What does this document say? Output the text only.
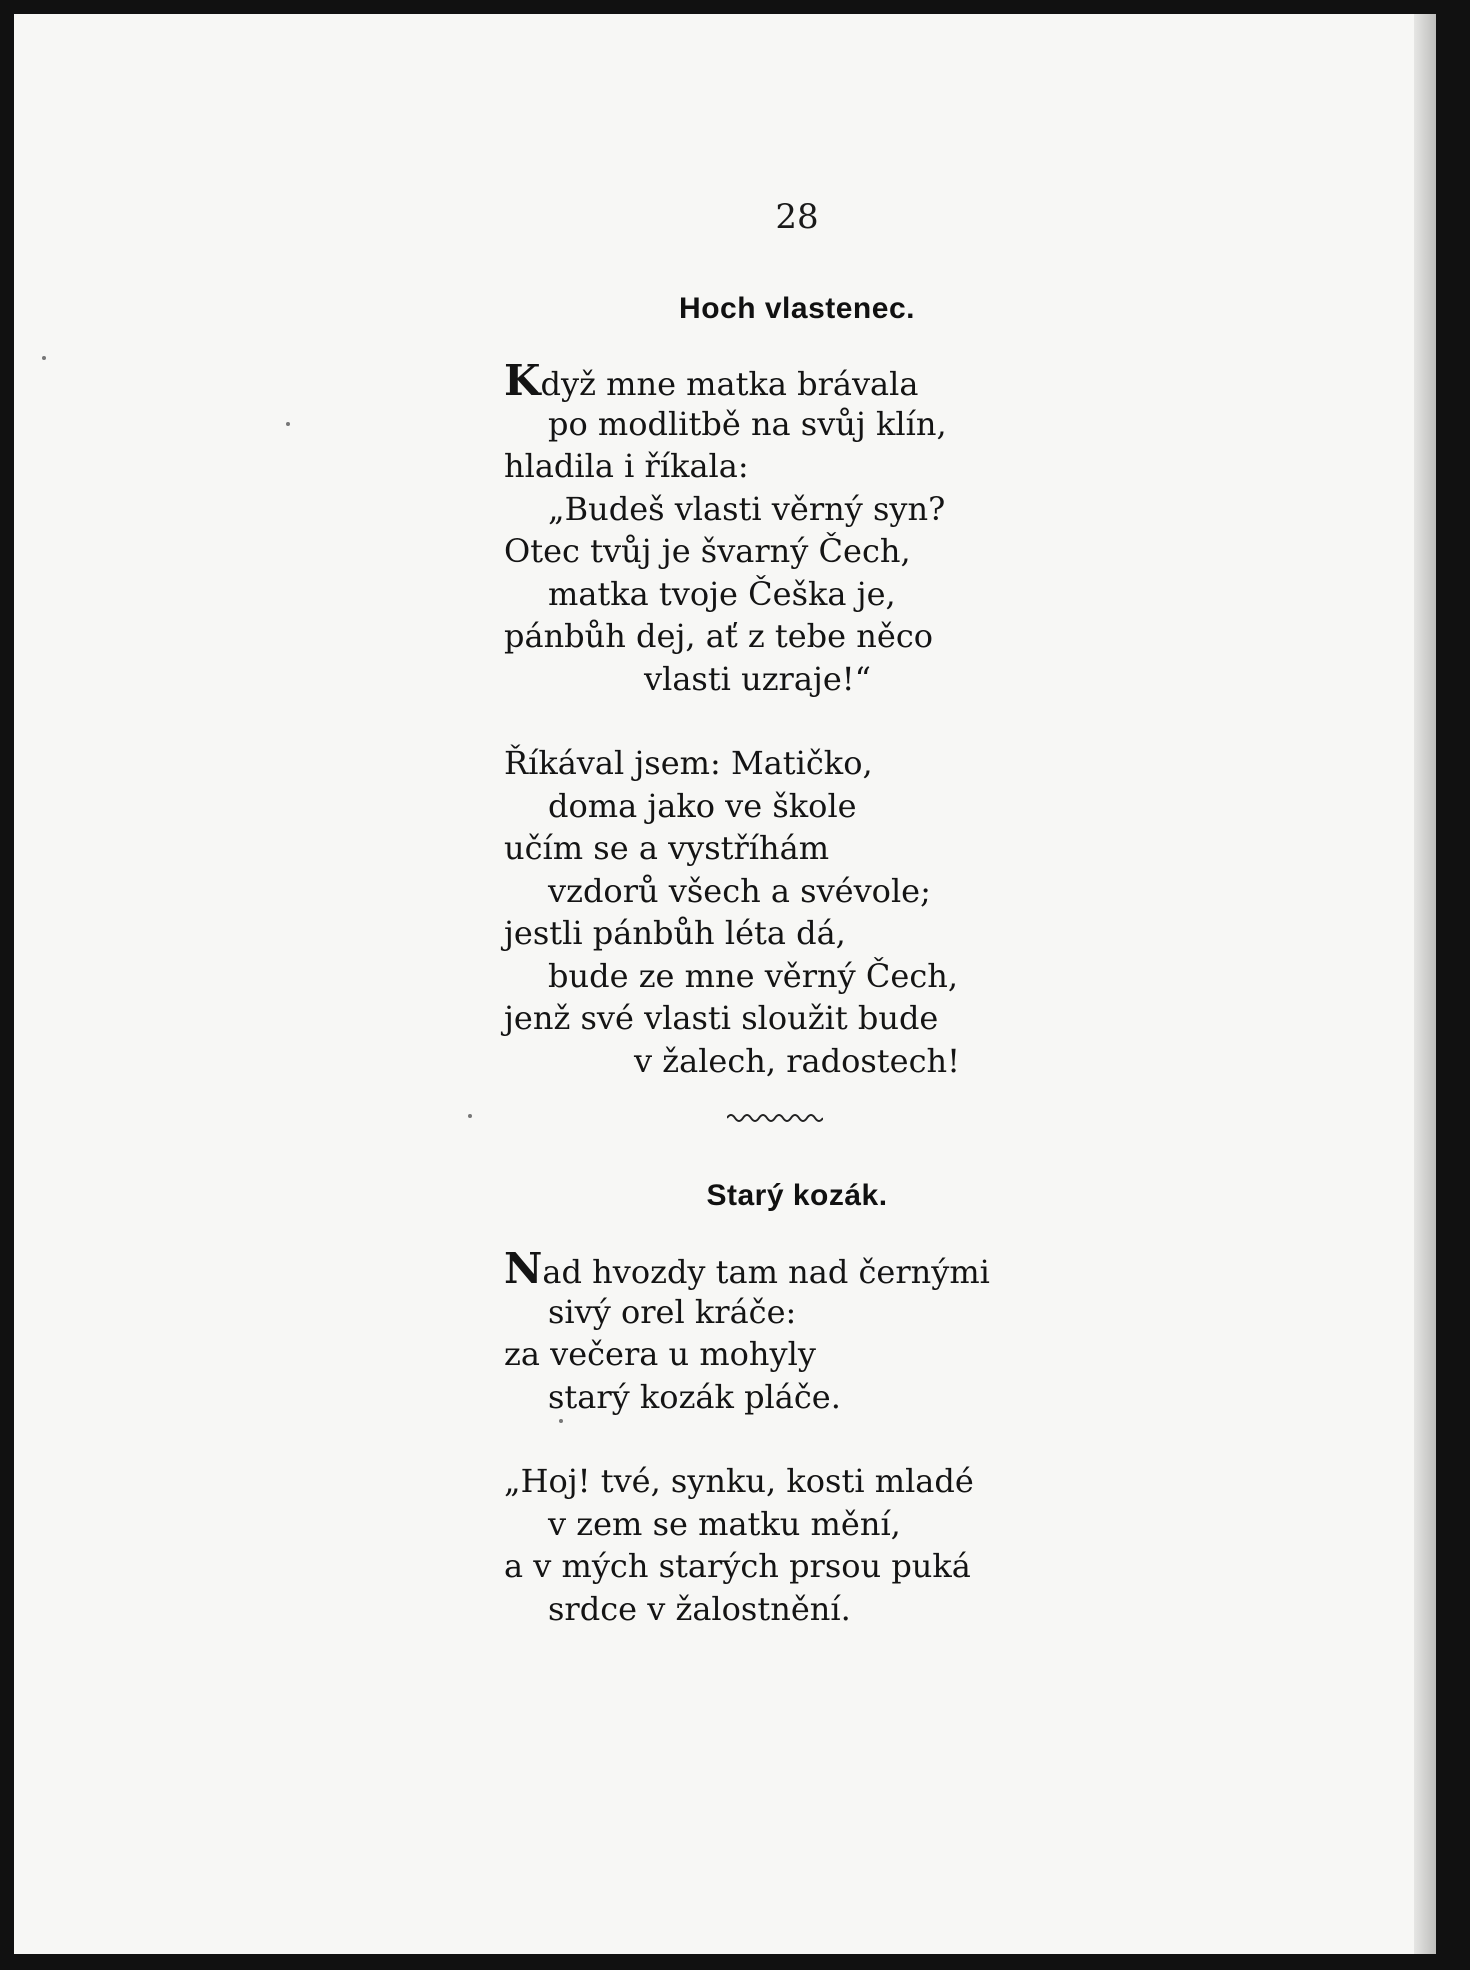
28
Hoch vlastenec.
Když mne matka brávala
po modlitbě na svůj klín,
hladila i říkala:
„Budeš vlasti věrný syn?
Otec tvůj je švarný Čech,
matka tvoje Češka je,
pánbůh dej, ať z tebe něco
vlasti uzraje!“
Říkával jsem: Matičko,
doma jako ve škole
učím se a vystříhám
vzdorů všech a svévole;
jestli pánbůh léta dá,
bude ze mne věrný Čech,
jenž své vlasti sloužit bude
v žalech, radostech!
Starý kozák.
Nad hvozdy tam nad černými
sivý orel kráče:
za večera u mohyly
starý kozák pláče.
„Hoj! tvé, synku, kosti mladé
v zem se matku mění,
a v mých starých prsou puká
srdce v žalostnění.
